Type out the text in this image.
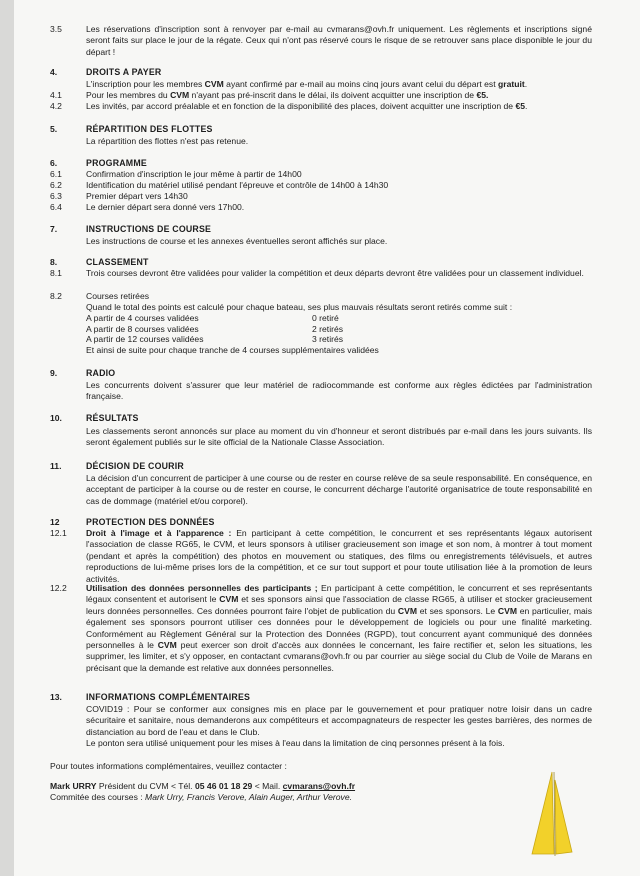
3.5	Les réservations d'inscription sont à renvoyer par e-mail au cvmarans@ovh.fr uniquement. Les règlements et inscriptions signé seront faits sur place le jour de la régate. Ceux qui n'ont pas réservé cours le risque de se retrouver sans place disponible le jour du départ !
4.	DROITS A PAYER
L'inscription pour les membres CVM ayant confirmé par e-mail au moins cinq jours avant celui du départ est gratuit.
4.1	Pour les membres du CVM n'ayant pas pré-inscrit dans le délai, ils doivent acquitter une inscription de €5.
4.2	Les invités, par accord préalable et en fonction de la disponibilité des places, doivent acquitter une inscription de €5.
5.	RÉPARTITION DES FLOTTES
La répartition des flottes n'est pas retenue.
6.	PROGRAMME
6.1	Confirmation d'inscription le jour même à partir de 14h00
6.2	Identification du matériel utilisé pendant l'épreuve et contrôle de 14h00 à 14h30
6.3	Premier départ vers 14h30
6.4	Le dernier départ sera donné vers 17h00.
7.	INSTRUCTIONS DE COURSE
Les instructions de course et les annexes éventuelles seront affichés sur place.
8.	CLASSEMENT
8.1	Trois courses devront être validées pour valider la compétition et deux départs devront être validées pour un classement individuel.
8.2	Courses retirées
Quand le total des points est calculé pour chaque bateau, ses plus mauvais résultats seront retirés comme suit :
A partir de 4 courses validées	0 retiré
A partir de 8 courses validées	2 retirés
A partir de 12 courses validées	3 retirés
Et ainsi de suite pour chaque tranche de 4 courses supplémentaires validées
9.	RADIO
Les concurrents doivent s'assurer que leur matériel de radiocommande est conforme aux règles édictées par l'administration française.
10.	RÉSULTATS
Les classements seront annoncés sur place au moment du vin d'honneur et seront distribués par e-mail dans les jours suivants. Ils seront également publiés sur le site official de la Nationale Classe Association.
11.	DÉCISION DE COURIR
La décision d'un concurrent de participer à une course ou de rester en course relève de sa seule responsabilité. En conséquence, en acceptant de participer à la course ou de rester en course, le concurrent décharge l'autorité organisatrice de toute responsabilité en cas de dommage (matériel et/ou corporel).
12	PROTECTION DES DONNÉES
12.1 Droit à l'image et à l'apparence : En participant à cette compétition, le concurrent et ses représentants légaux autorisent l'association de classe RG65, le CVM, et leurs sponsors à utiliser gracieusement son image et son nom, à montrer à tout moment (pendant et après la compétition) des photos en mouvement ou statiques, des films ou enregistrements télévisuels, et autres reproductions de lui-même prises lors de la compétition, et ce sur tout support et pour toute utilisation liée à la promotion de leurs activités.
12.2 Utilisation des données personnelles des participants ; En participant à cette compétition, le concurrent et ses représentants légaux consentent et autorisent le CVM et ses sponsors ainsi que l'association de classe RG65, à utiliser et stocker gracieusement leurs données personnelles. Ces données pourront faire l'objet de publication du CVM et ses sponsors. Le CVM en particulier, mais également ses sponsors pourront utiliser ces données pour le développement de logiciels ou pour une finalité marketing. Conformément au Règlement Général sur la Protection des Données (RGPD), tout concurrent ayant communiqué des données personnelles à le CVM peut exercer son droit d'accès aux données le concernant, les faire rectifier et, selon les situations, les supprimer, les limiter, et s'y opposer, en contactant cvmarans@ovh.fr ou par courrier au siège social du Club de Voile de Marans en précisant que la demande est relative aux données personnelles.
13.	INFORMATIONS COMPLÉMENTAIRES
COVID19 : Pour se conformer aux consignes mis en place par le gouvernement et pour pratiquer notre loisir dans un cadre sécuritaire et sanitaire, nous demanderons aux compétiteurs et accompagnateurs de respecter les gestes barrières, des normes de distanciation au bord de l'eau et dans le Club.
Le ponton sera utilisé uniquement pour les mises à l'eau dans la limitation de cinq personnes présent à la fois.
Pour toutes informations complémentaires, veuillez contacter :
Mark URRY Président du CVM < Tél. 05 46 01 18 29 < Mail. cvmarans@ovh.fr
Commitée des courses : Mark Urry, Francis Verove, Alain Auger, Arthur Verove.
